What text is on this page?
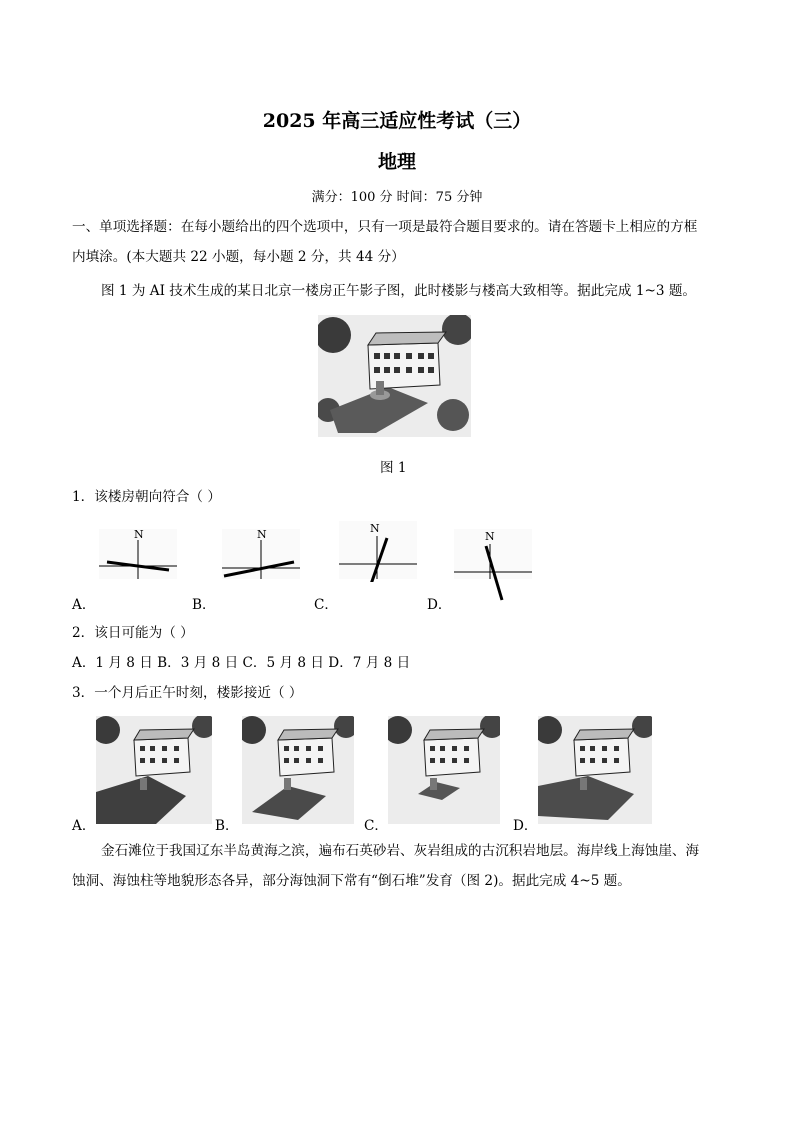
2025 年高三适应性考试（三）
地理
满分：100 分 时间：75 分钟
一、单项选择题：在每小题给出的四个选项中，只有一项是最符合题目要求的。请在答题卡上相应的方框
内填涂。(本大题共 22 小题，每小题 2 分，共 44 分）
图 1 为 AI 技术生成的某日北京一楼房正午影子图，此时楼影与楼高大致相等。据此完成 1~3 题。
图 1
1．该楼房朝向符合（ ）
N	N	N
N
A．	B．	C．	D．
2．该日可能为（ ）
A．1 月 8 日 B．3 月 8 日 C．5 月 8 日 D．7 月 8 日
3．一个月后正午时刻，楼影接近（ ）
A．	B．	C．	D．
金石滩位于我国辽东半岛黄海之滨，遍布石英砂岩、灰岩组成的古沉积岩地层。海岸线上海蚀崖、海
蚀洞、海蚀柱等地貌形态各异，部分海蚀洞下常有“倒石堆”发育（图 2)。据此完成 4~5 题。
